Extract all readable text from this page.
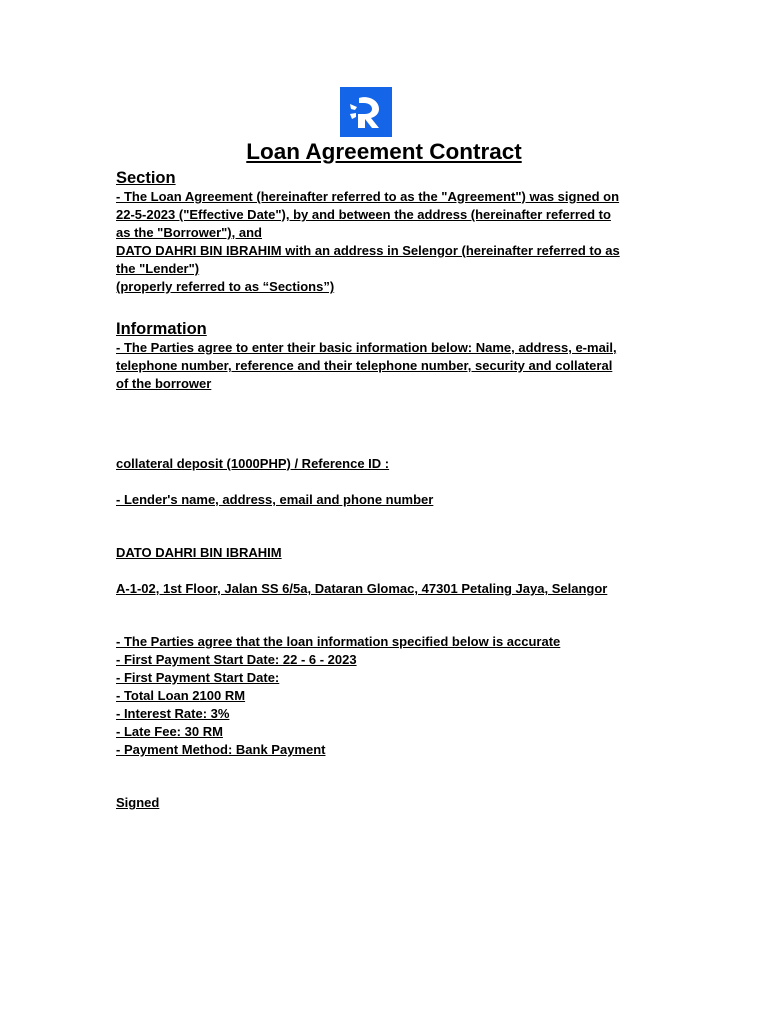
Loan Agreement Contract
Section
- The Loan Agreement (hereinafter referred to as the "Agreement") was signed on
22-5-2023 ("Effective Date"), by and between the address (hereinafter referred to
as the "Borrower"), and
DATO DAHRI BIN IBRAHIM with an address in Selengor (hereinafter referred to as
the "Lender")
(properly referred to as “Sections”)
Information
- The Parties agree to enter their basic information below: Name, address, e-mail,
telephone number, reference and their telephone number, security and collateral
of the borrower
collateral deposit (1000PHP) / Reference ID :
- Lender's name, address, email and phone number
DATO DAHRI BIN IBRAHIM
A-1-02, 1st Floor, Jalan SS 6/5a, Dataran Glomac, 47301 Petaling Jaya, Selangor
- The Parties agree that the loan information specified below is accurate
- First Payment Start Date: 22 - 6 - 2023
- First Payment Start Date:
- Total Loan 2100 RM
- Interest Rate: 3%
- Late Fee: 30 RM
- Payment Method: Bank Payment
Signed
